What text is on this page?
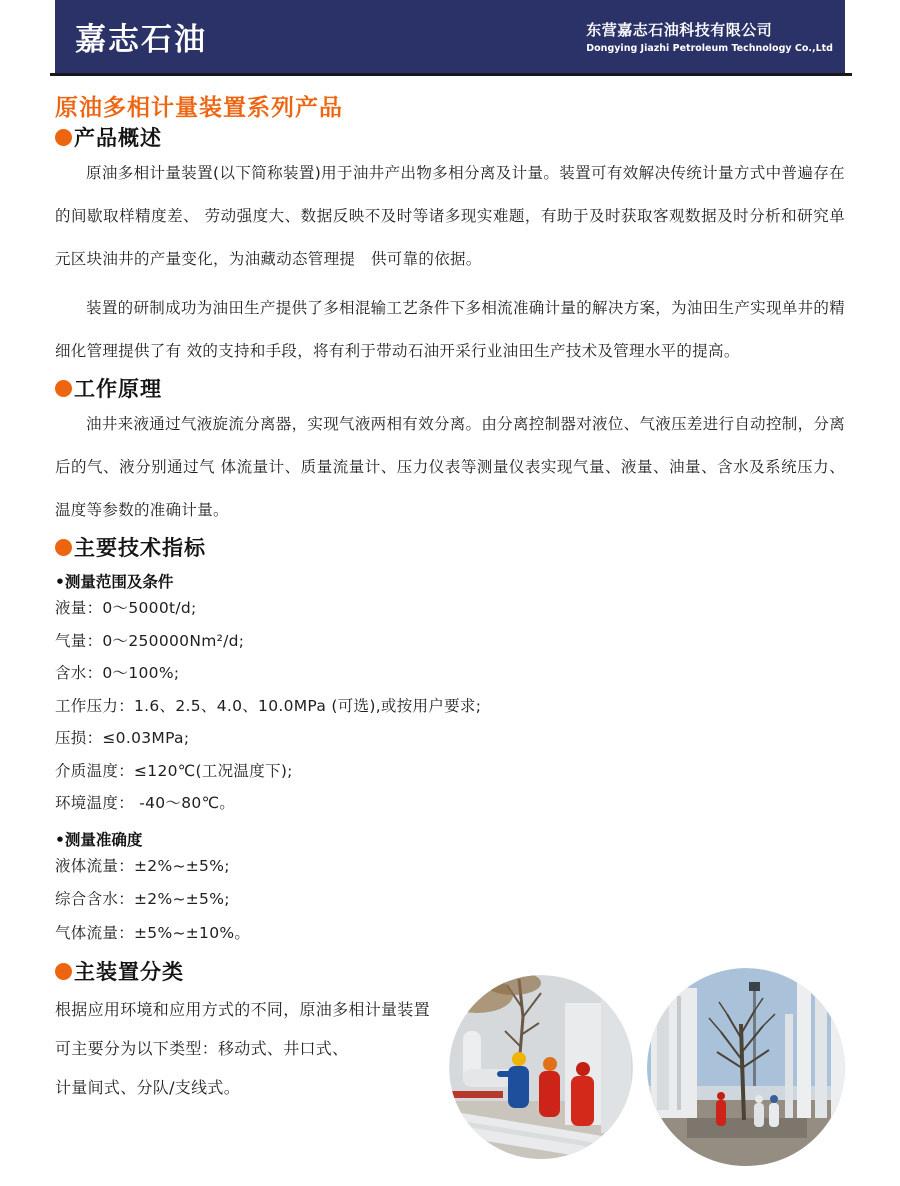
嘉志石油	东营嘉志石油科技有限公司
Dongying Jiazhi Petroleum Technology Co.,Ltd
原油多相计量装置系列产品
产品概述

原油多相计量装置(以下简称装置)用于油井产出物多相分离及计量。装置可有效解决传统计量方式中普遍存在的间歇取样精度差、 劳动强度大、数据反映不及时等诸多现实难题，有助于及时获取客观数据及时分析和研究单元区块油井的产量变化，为油藏动态管理提　供可靠的依据。

装置的研制成功为油田生产提供了多相混输工艺条件下多相流准确计量的解决方案，为油田生产实现单井的精细化管理提供了有 效的支持和手段，将有利于带动石油开采行业油田生产技术及管理水平的提高。

工作原理

油井来液通过气液旋流分离器，实现气液两相有效分离。由分离控制器对液位、气液压差进行自动控制，分离后的气、液分别通过气 体流量计、质量流量计、压力仪表等测量仪表实现气量、液量、油量、含水及系统压力、温度等参数的准确计量。

主要技术指标
•测量范围及条件
液量：0～5000t/d;
气量：0～250000Nm²/d;
含水：0～100%;
工作压力：1.6、2.5、4.0、10.0MPa (可选),或按用户要求;
压损：≤0.03MPa;
介质温度：≤120℃(工况温度下);
环境温度： -40～80℃。
•测量准确度
液体流量：±2%~±5%;
综合含水：±2%~±5%;
气体流量：±5%~±10%。
主装置分类
根据应用环境和应用方式的不同，原油多相计量装置
可主要分为以下类型：移动式、井口式、
计量间式、分队/支线式。
